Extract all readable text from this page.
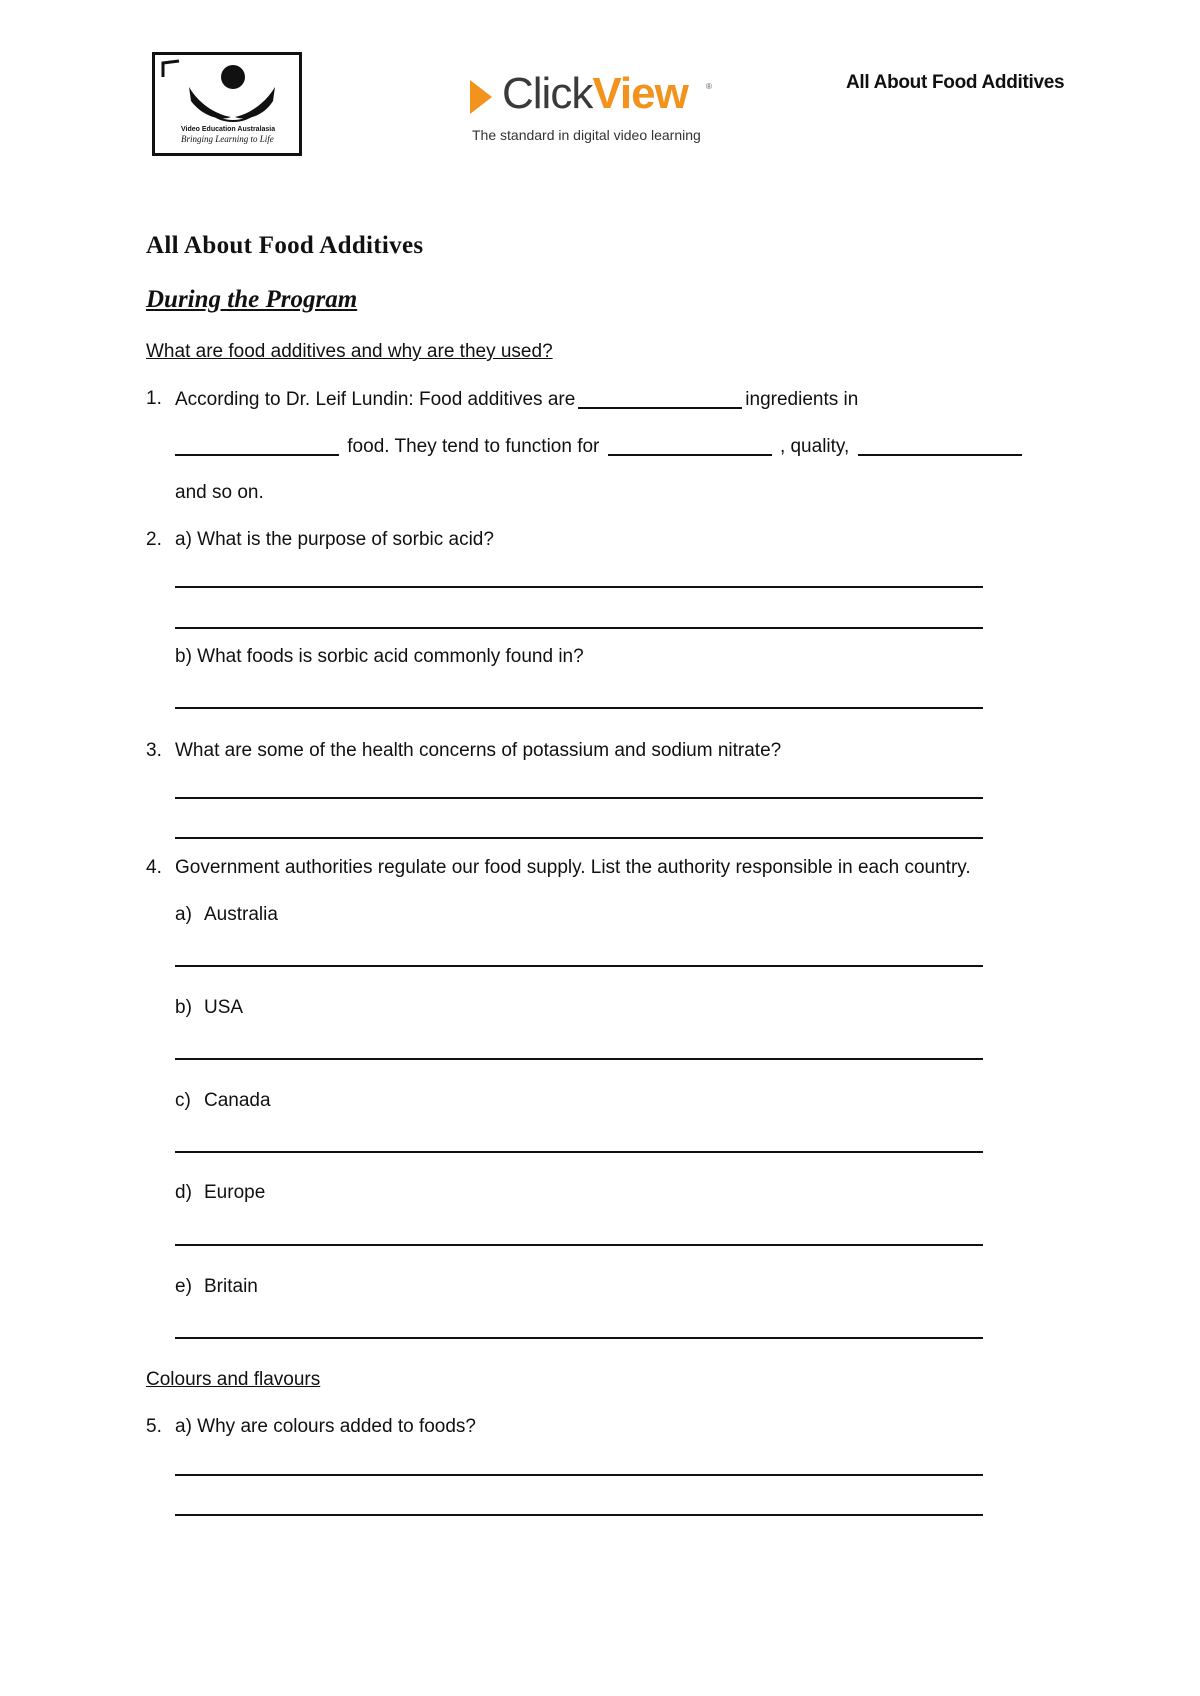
Video Education Australasia
Bringing Learning to Life
ClickView ®
The standard in digital video learning
All About Food Additives
All About Food Additives
During the Program
What are food additives and why are they used?
1. According to Dr. Leif Lundin: Food additives are	ingredients in
food. They tend to function for	, quality,
and so on.
2. a) What is the purpose of sorbic acid?
b) What foods is sorbic acid commonly found in?
3. What are some of the health concerns of potassium and sodium nitrate?
4. Government authorities regulate our food supply. List the authority responsible in each country.
a) Australia
b) USA
c) Canada
d) Europe
e) Britain
Colours and flavours
5. a) Why are colours added to foods?
